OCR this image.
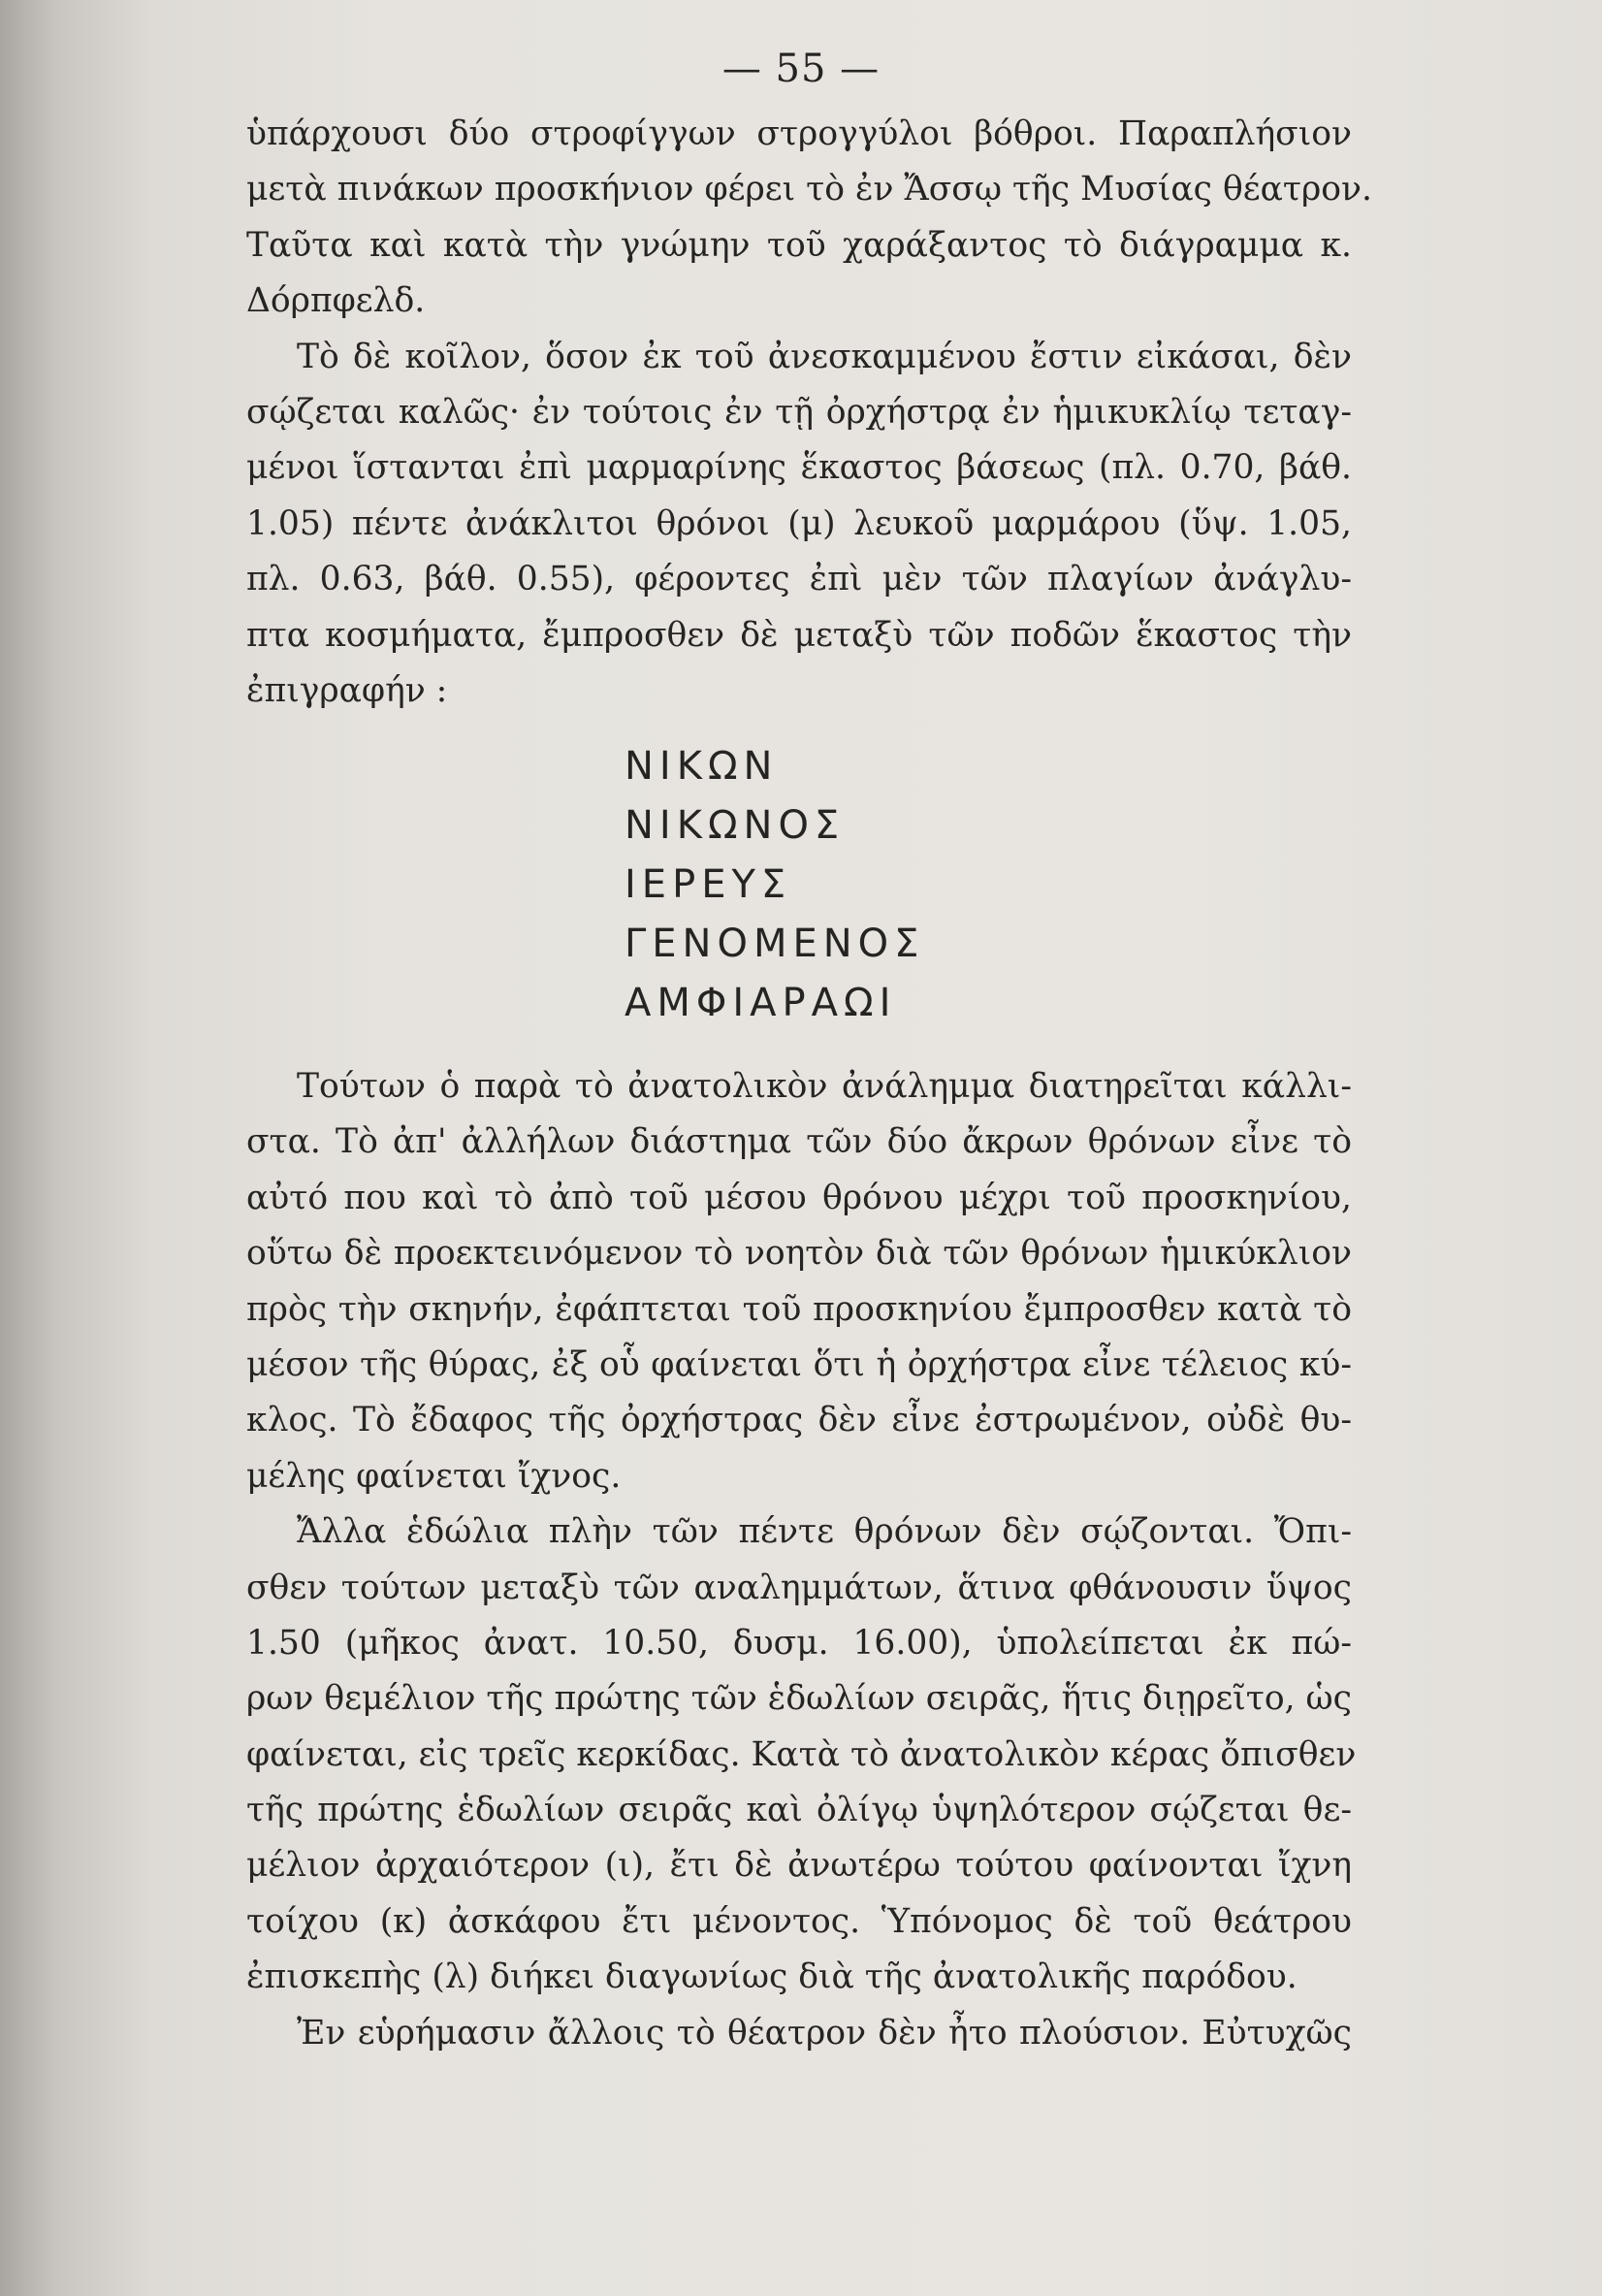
— 55 —
ὑπάρχουσι δύο στροφίγγων στρογγύλοι βόθροι. Παραπλήσιον
μετὰ πινάκων προσκήνιον φέρει τὸ ἐν Ἄσσῳ τῆς Μυσίας θέατρον.
Ταῦτα καὶ κατὰ τὴν γνώμην τοῦ χαράξαντος τὸ διάγραμμα κ.
Δόρπφελδ.
Τὸ δὲ κοῖλον, ὅσον ἐκ τοῦ ἀνεσκαμμένου ἔστιν εἰκάσαι, δὲν
σῴζεται καλῶς· ἐν τούτοις ἐν τῇ ὀρχήστρᾳ ἐν ἡμικυκλίῳ τεταγ-
μένοι ἵστανται ἐπὶ μαρμαρίνης ἕκαστος βάσεως (πλ. 0.70, βάθ.
1.05) πέντε ἀνάκλιτοι θρόνοι (μ) λευκοῦ μαρμάρου (ὕψ. 1.05,
πλ. 0.63, βάθ. 0.55), φέροντες ἐπὶ μὲν τῶν πλαγίων ἀνάγλυ-
πτα κοσμήματα, ἔμπροσθεν δὲ μεταξὺ τῶν ποδῶν ἕκαστος τὴν
ἐπιγραφήν :
ΝΙΚΩΝ
ΝΙΚΩΝΟΣ
ΙΕΡΕΥΣ
ΓΕΝΟΜΕΝΟΣ
ΑΜΦΙΑΡΑΩΙ
Τούτων ὁ παρὰ τὸ ἀνατολικὸν ἀνάλημμα διατηρεῖται κάλλι-
στα. Τὸ ἀπ' ἀλλήλων διάστημα τῶν δύο ἄκρων θρόνων εἶνε τὸ
αὐτό που καὶ τὸ ἀπὸ τοῦ μέσου θρόνου μέχρι τοῦ προσκηνίου,
οὕτω δὲ προεκτεινόμενον τὸ νοητὸν διὰ τῶν θρόνων ἡμικύκλιον
πρὸς τὴν σκηνήν, ἐφάπτεται τοῦ προσκηνίου ἔμπροσθεν κατὰ τὸ
μέσον τῆς θύρας, ἐξ οὗ φαίνεται ὅτι ἡ ὀρχήστρα εἶνε τέλειος κύ-
κλος. Τὸ ἔδαφος τῆς ὀρχήστρας δὲν εἶνε ἐστρωμένον, οὐδὲ θυ-
μέλης φαίνεται ἴχνος.
Ἄλλα ἑδώλια πλὴν τῶν πέντε θρόνων δὲν σῴζονται. Ὄπι-
σθεν τούτων μεταξὺ τῶν αναλημμάτων, ἅτινα φθάνουσιν ὕψος
1.50 (μῆκος ἀνατ. 10.50, δυσμ. 16.00), ὑπολείπεται ἐκ πώ-
ρων θεμέλιον τῆς πρώτης τῶν ἑδωλίων σειρᾶς, ἥτις διῃρεῖτο, ὡς
φαίνεται, εἰς τρεῖς κερκίδας. Κατὰ τὸ ἀνατολικὸν κέρας ὄπισθεν
τῆς πρώτης ἑδωλίων σειρᾶς καὶ ὀλίγῳ ὑψηλότερον σῴζεται θε-
μέλιον ἀρχαιότερον (ι), ἔτι δὲ ἀνωτέρω τούτου φαίνονται ἴχνη
τοίχου (κ) ἀσκάφου ἔτι μένοντος. Ὑπόνομος δὲ τοῦ θεάτρου
ἐπισκεπὴς (λ) διήκει διαγωνίως διὰ τῆς ἀνατολικῆς παρόδου.
Ἐν εὑρήμασιν ἄλλοις τὸ θέατρον δὲν ἦτο πλούσιον. Εὐτυχῶς
